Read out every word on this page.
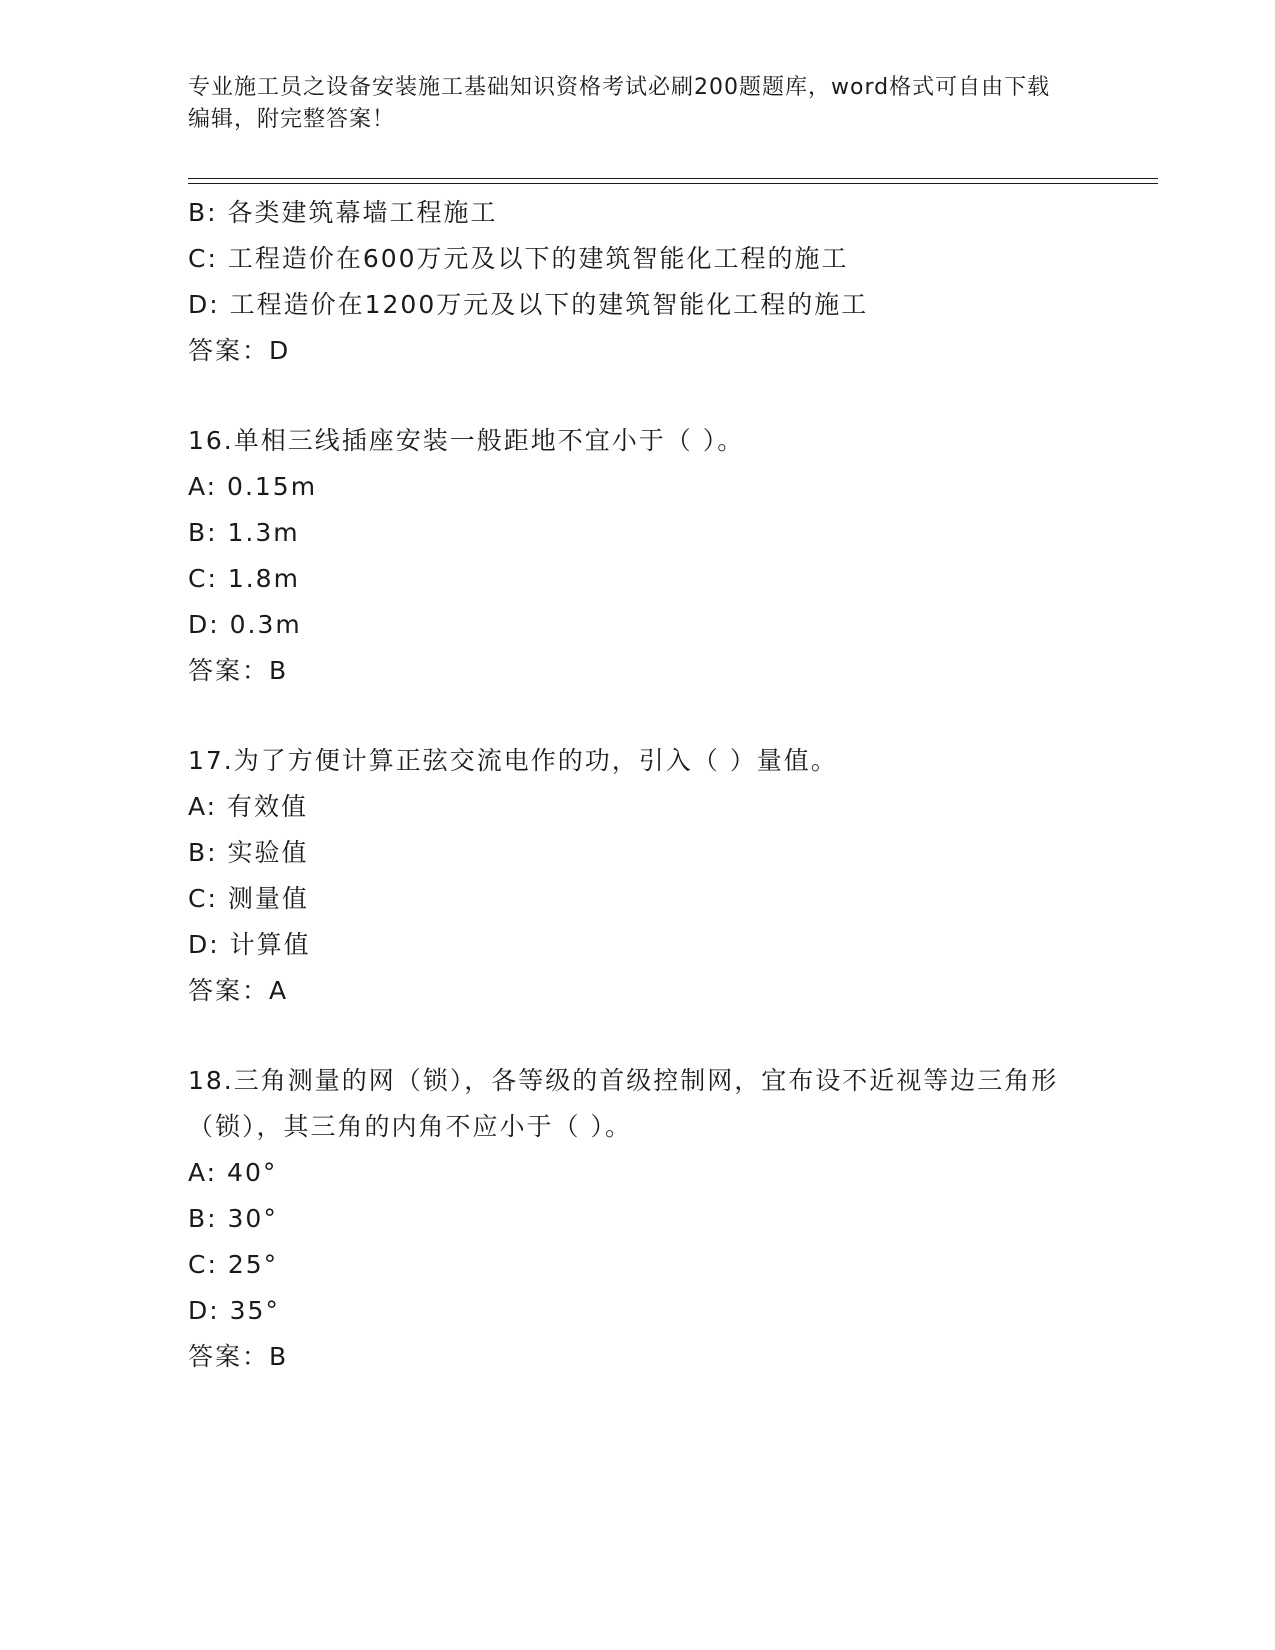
专业施工员之设备安装施工基础知识资格考试必刷200题题库，word格式可自由下载编辑，附完整答案！
B: 各类建筑幕墙工程施工
C: 工程造价在600万元及以下的建筑智能化工程的施工
D: 工程造价在1200万元及以下的建筑智能化工程的施工
答案：D
16.单相三线插座安装一般距地不宜小于（ ）。
A: 0.15m
B: 1.3m
C: 1.8m
D: 0.3m
答案：B
17.为了方便计算正弦交流电作的功，引入（ ）量值。
A: 有效值
B: 实验值
C: 测量值
D: 计算值
答案：A
18.三角测量的网（锁），各等级的首级控制网，宜布设不近视等边三角形（锁），其三角的内角不应小于（ ）。
A: 40°
B: 30°
C: 25°
D: 35°
答案：B
